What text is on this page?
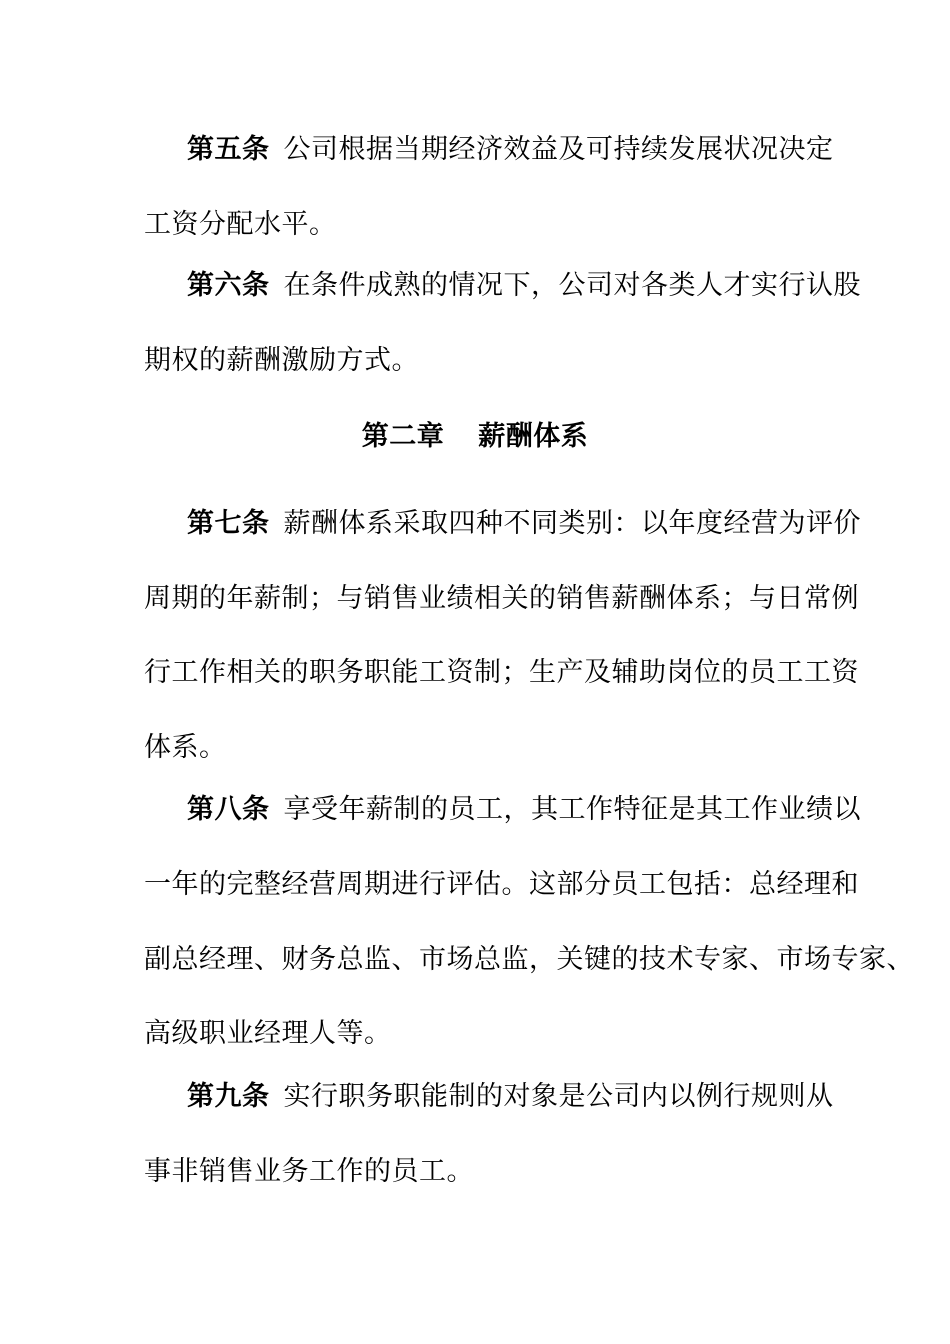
第五条 公司根据当期经济效益及可持续发展状况决定
工资分配水平。
第六条 在条件成熟的情况下，公司对各类人才实行认股
期权的薪酬激励方式。
第二章 薪酬体系
第七条 薪酬体系采取四种不同类别：以年度经营为评价
周期的年薪制；与销售业绩相关的销售薪酬体系；与日常例
行工作相关的职务职能工资制；生产及辅助岗位的员工工资
体系。
第八条 享受年薪制的员工，其工作特征是其工作业绩以
一年的完整经营周期进行评估。这部分员工包括：总经理和
副总经理、财务总监、市场总监，关键的技术专家、市场专家、
高级职业经理人等。
第九条 实行职务职能制的对象是公司内以例行规则从
事非销售业务工作的员工。
